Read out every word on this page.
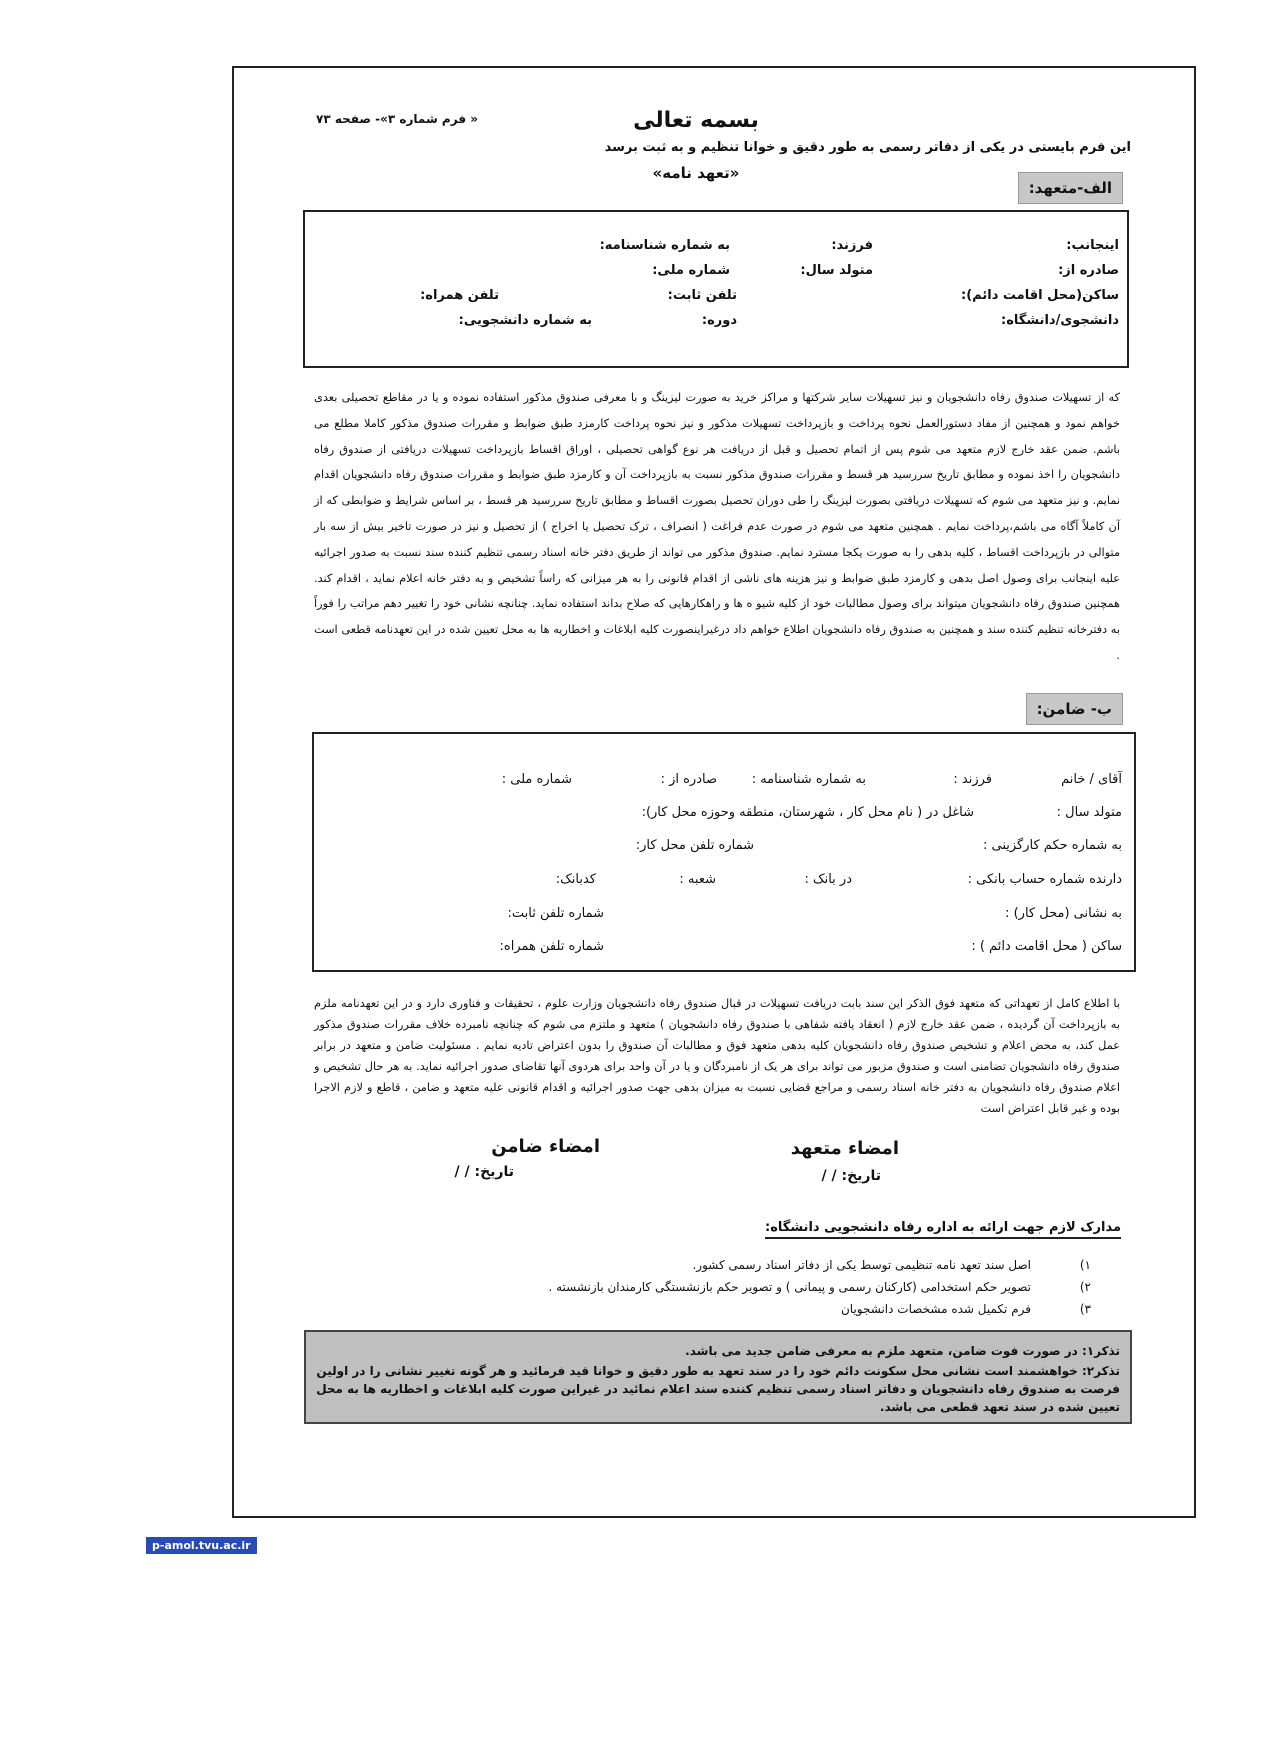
« فرم شماره ۳»- صفحه ۷۳	بسمه تعالی
این فرم بایستی در یکی از دفاتر رسمی به طور دقیق و خوانا تنظیم و به ثبت برسد
«تعهد نامه»
الف-متعهد:
اینجانب:
فرزند:
به شماره شناسنامه:
صادره از:
متولد سال:
شماره ملی:
ساکن(محل اقامت دائم):
تلفن ثابت:
تلفن همراه:
دانشجوی/دانشگاه:
دوره:
به شماره دانشجویی:
که از تسهیلات صندوق رفاه دانشجویان و نیز تسهیلات سایر شرکتها و مراکز خرید به صورت لیزینگ و با معرفی صندوق مذکور استفاده نموده و یا در مقاطع تحصیلی بعدی خواهم نمود و همچنین از مفاد دستورالعمل نحوه پرداخت و بازپرداخت تسهیلات مذکور و نیز نحوه پرداخت کارمزد طبق ضوابط و مقررات صندوق مذکور کاملا مطلع می باشم. ضمن عقد خارج لازم متعهد می شوم پس از اتمام تحصیل و قبل از دریافت هر نوع گواهی تحصیلی ، اوراق اقساط بازپرداخت تسهیلات دریافتی از صندوق رفاه دانشجویان را اخذ نموده و مطابق تاریخ سررسید هر قسط و مقررات صندوق مذکور نسبت به بازپرداخت آن و کارمزد طبق ضوابط و مقررات صندوق رفاه دانشجویان اقدام نمایم. و نیز متعهد می شوم که تسهیلات دریافتی بصورت لیزینگ را طی دوران تحصیل بصورت اقساط و مطابق تاریخ سررسید هر قسط ، بر اساس شرایط و ضوابطی که از آن کاملاً آگاه می باشم،پرداخت نمایم . همچنین متعهد می شوم در صورت عدم فراغت ( انصراف ، ترک تحصیل یا اخراج ) از تحصیل و نیز در صورت تاخیر بیش از سه بار متوالی در بازپرداخت اقساط ، کلیه بدهی را به صورت یکجا مسترد نمایم. صندوق مذکور می تواند از طریق دفتر خانه اسناد رسمی تنظیم کننده سند نسبت به صدور اجرائیه علیه اینجانب برای وصول اصل بدهی و کارمزد طبق ضوابط و نیز هزینه های ناشی از اقدام قانونی را به هر میزانی که راساً تشخیص و به دفتر خانه اعلام نماید ، اقدام کند. همچنین صندوق رفاه دانشجویان میتواند برای وصول مطالبات خود از کلیه شیو ه ها و راهکارهایی که صلاح بداند استفاده نماید. چنانچه نشانی خود را تغییر دهم مراتب را فوراً به دفترخانه تنظیم کننده سند و همچنین به صندوق رفاه دانشجویان اطلاع خواهم داد درغیراینصورت کلیه ابلاغات و اخطاریه ها به محل تعیین شده در این تعهدنامه قطعی است .
ب- ضامن:
آقای / خانم
فرزند :
به شماره شناسنامه :
صادره از :
شماره ملی :
متولد سال :
شاغل در ( نام محل کار ، شهرستان، منطقه وحوزه محل کار):
به شماره حکم کارگزینی :
شماره تلفن محل کار:
دارنده شماره حساب بانکی :
در بانک :
شعبه :
کدبانک:
به نشانی (محل کار) :
شماره تلفن ثابت:
ساکن ( محل اقامت دائم ) :
شماره تلفن همراه:
با اطلاع کامل از تعهداتی که متعهد فوق الذکر این سند بابت دریافت تسهیلات در قبال صندوق رفاه دانشجویان وزارت علوم ، تحقیقات و فناوری دارد و در این تعهدنامه ملزم به بازپرداخت آن گردیده ، ضمن عقد خارج لازم ( انعقاد یافته شفاهی با صندوق رفاه دانشجویان ) متعهد و ملتزم می شوم که چنانچه نامبرده خلاف مقررات صندوق مذکور عمل کند، به محض اعلام و تشخیص صندوق رفاه دانشجویان کلیه بدهی متعهد فوق و مطالبات آن صندوق را بدون اعتراض تادیه نمایم . مسئولیت ضامن و متعهد در برابر صندوق رفاه دانشجویان تضامنی است و صندوق مزبور می تواند برای هر یک از نامبردگان و یا در آن واحد برای هردوی آنها تقاضای صدور اجرائیه نماید. به هر حال تشخیص و اعلام صندوق رفاه دانشجویان به دفتر خانه اسناد رسمی و مراجع قضایی نسبت به میزان بدهی جهت صدور اجرائیه و اقدام قانونی علیه متعهد و ضامن ، قاطع و لازم الاجرا بوده و غیر قابل اعتراض است
امضاء متعهد
تاریخ: / /
امضاء ضامن
تاریخ: / /
مدارک لازم جهت ارائه به اداره رفاه دانشجویی دانشگاه:
۱)
اصل سند تعهد نامه تنظیمی توسط یکی از دفاتر اسناد رسمی کشور.
۲)
تصویر حکم استخدامی (کارکنان رسمی و پیمانی ) و تصویر حکم بازنشستگی کارمندان بازنشسته .
۳)
فرم تکمیل شده مشخصات دانشجویان
تذکر۱: در صورت فوت ضامن، متعهد ملزم به معرفی ضامن جدید می باشد.
تذکر۲: خواهشمند است نشانی محل سکونت دائم خود را در سند تعهد به طور دقیق و خوانا قید فرمائید و هر گونه تغییر نشانی را در اولین فرصت به صندوق رفاه دانشجویان و دفاتر اسناد رسمی تنظیم کننده سند اعلام نمائید در غیراین صورت کلیه ابلاغات و اخطاریه ها به محل تعیین شده در سند تعهد قطعی می باشد.
p-amol.tvu.ac.ir
